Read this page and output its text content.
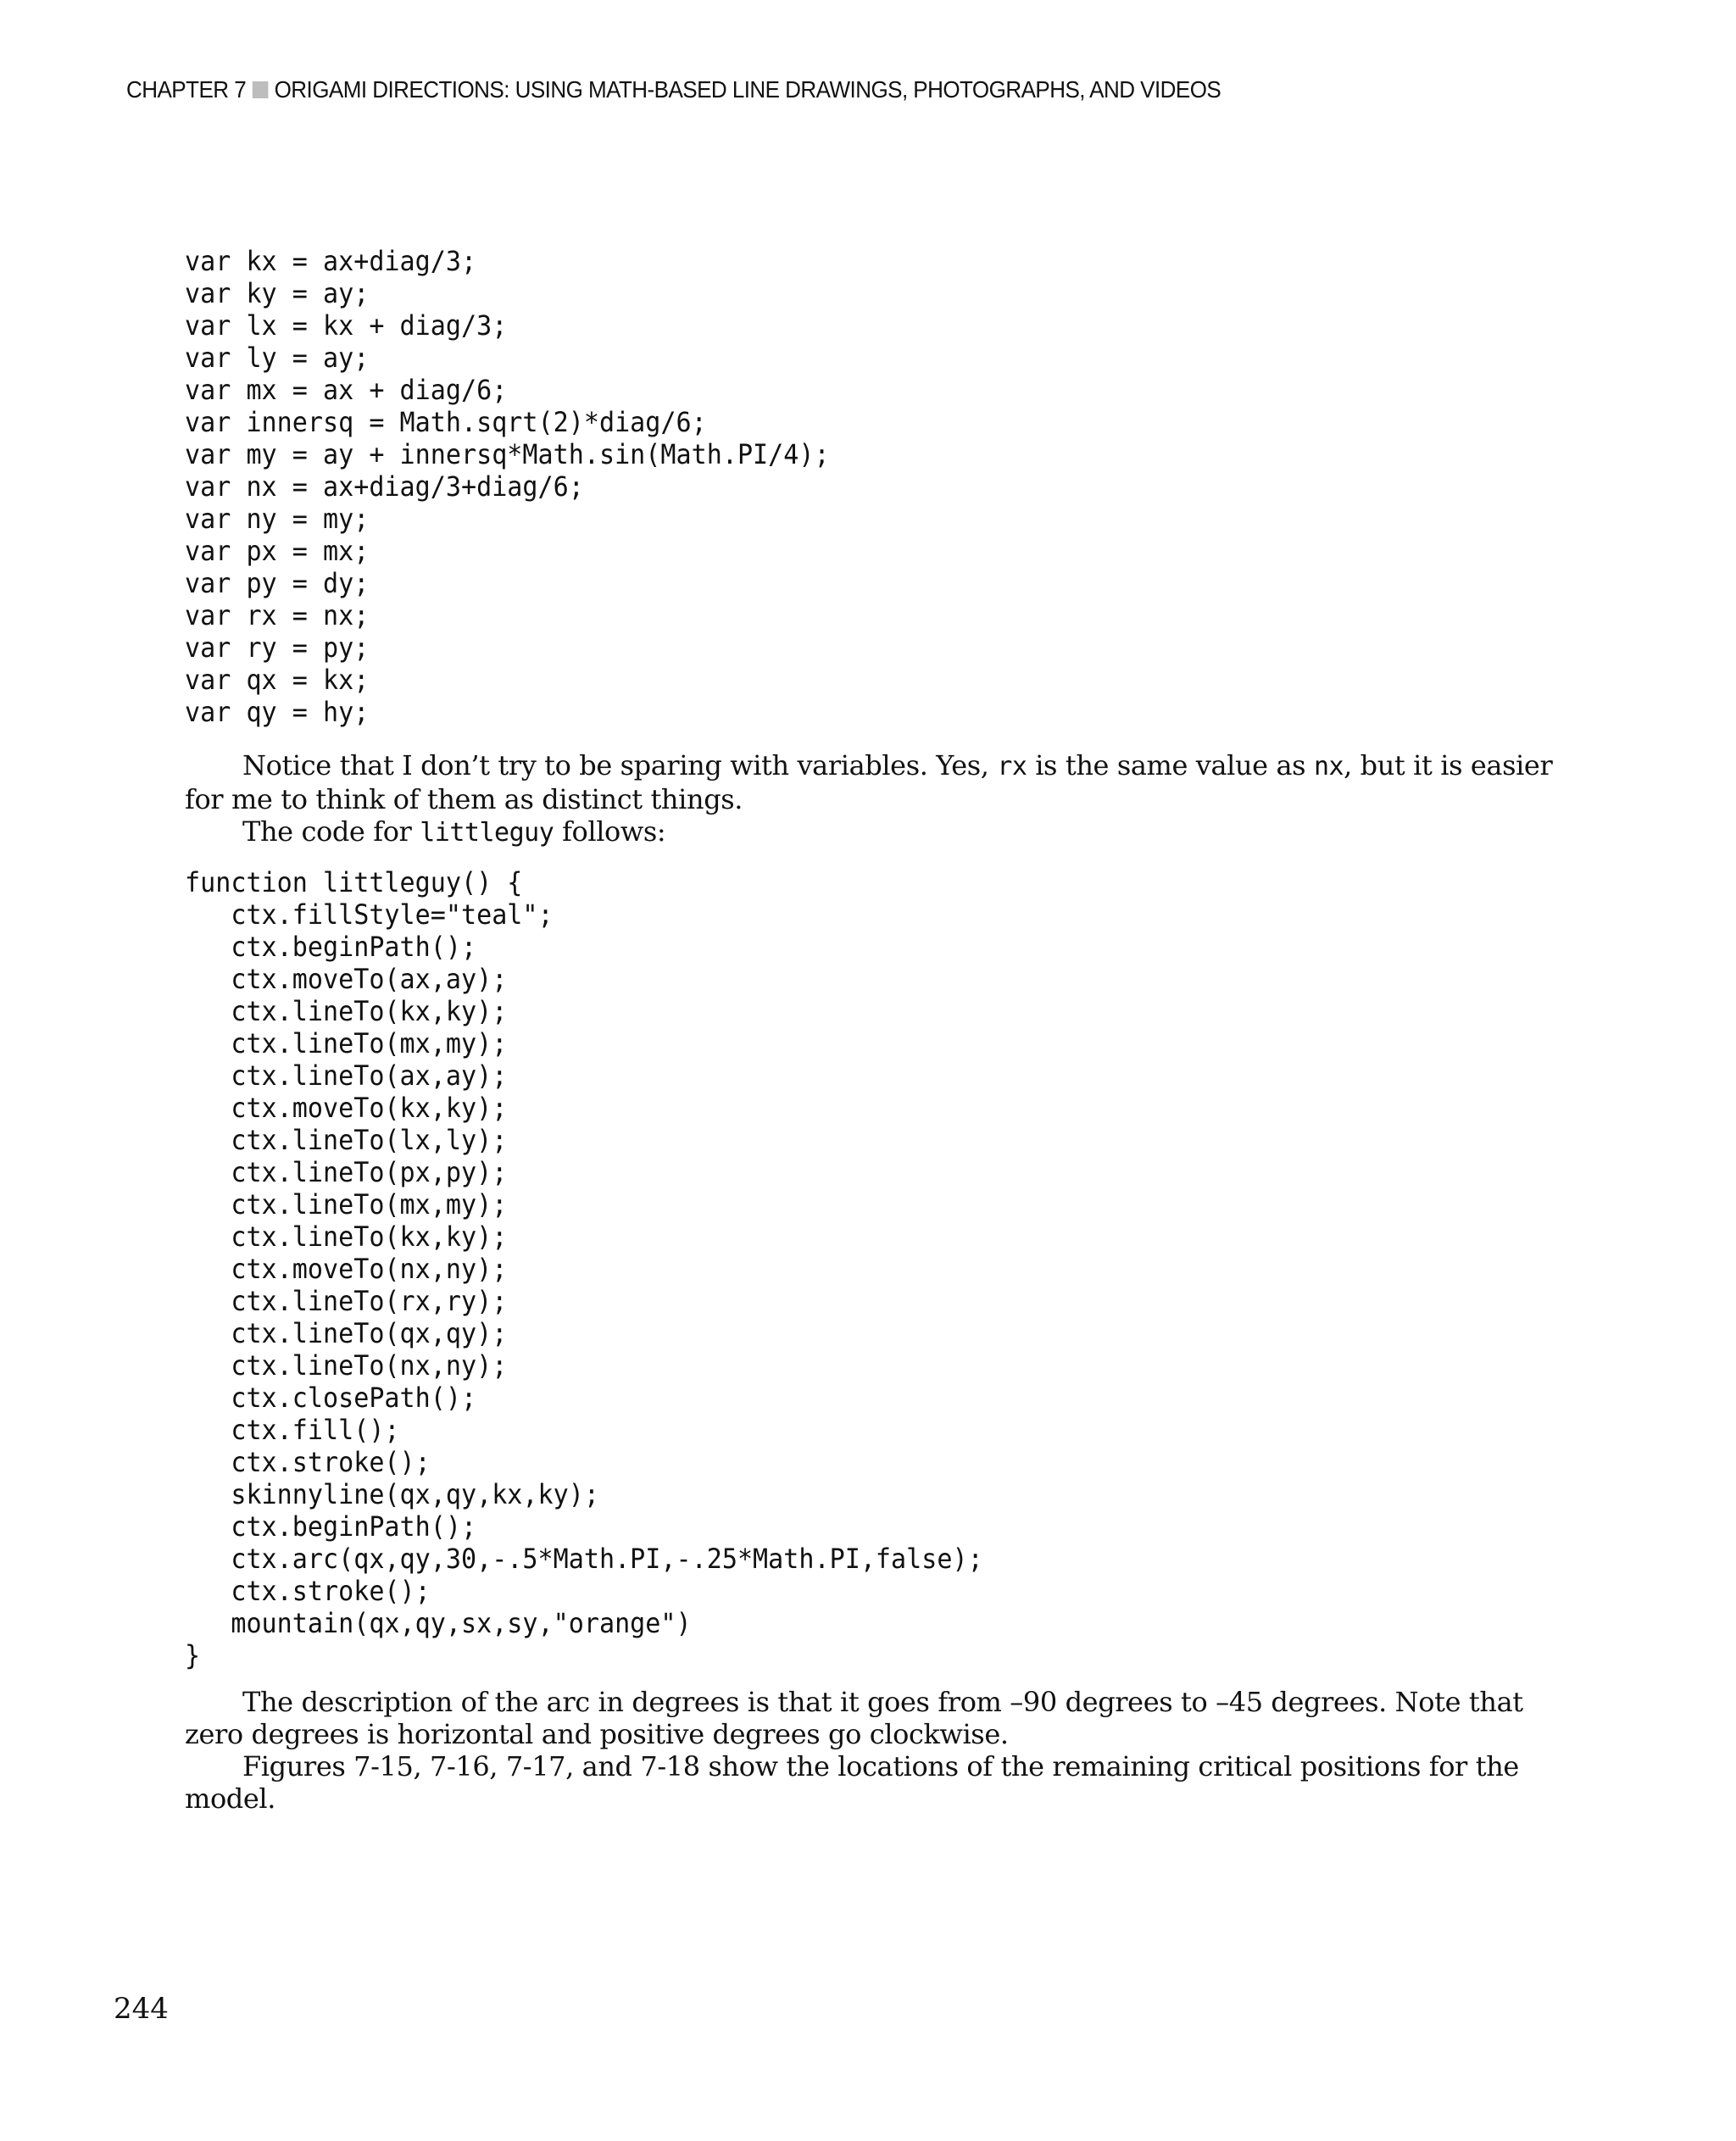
CHAPTER 7 ORIGAMI DIRECTIONS: USING MATH-BASED LINE DRAWINGS, PHOTOGRAPHS, AND VIDEOS
var kx = ax+diag/3;
var ky = ay;
var lx = kx + diag/3;
var ly = ay;
var mx = ax + diag/6;
var innersq = Math.sqrt(2)*diag/6;
var my = ay + innersq*Math.sin(Math.PI/4);
var nx = ax+diag/3+diag/6;
var ny = my;
var px = mx;
var py = dy;
var rx = nx;
var ry = py;
var qx = kx;
var qy = hy;

Notice that I don’t try to be sparing with variables. Yes, rx is the same value as nx, but it is easier for me to think of them as distinct things.

The code for littleguy follows:

function littleguy() {
ctx.fillStyle="teal";
ctx.beginPath();
ctx.moveTo(ax,ay);
ctx.lineTo(kx,ky);
ctx.lineTo(mx,my);
ctx.lineTo(ax,ay);
ctx.moveTo(kx,ky);
ctx.lineTo(lx,ly);
ctx.lineTo(px,py);
ctx.lineTo(mx,my);
ctx.lineTo(kx,ky);
ctx.moveTo(nx,ny);
ctx.lineTo(rx,ry);
ctx.lineTo(qx,qy);
ctx.lineTo(nx,ny);
ctx.closePath();
ctx.fill();
ctx.stroke();
skinnyline(qx,qy,kx,ky);
ctx.beginPath();
ctx.arc(qx,qy,30,-.5*Math.PI,-.25*Math.PI,false);
ctx.stroke();
mountain(qx,qy,sx,sy,"orange")
}

The description of the arc in degrees is that it goes from –90 degrees to –45 degrees. Note that zero degrees is horizontal and positive degrees go clockwise.

Figures 7-15, 7-16, 7-17, and 7-18 show the locations of the remaining critical positions for the model.

244
